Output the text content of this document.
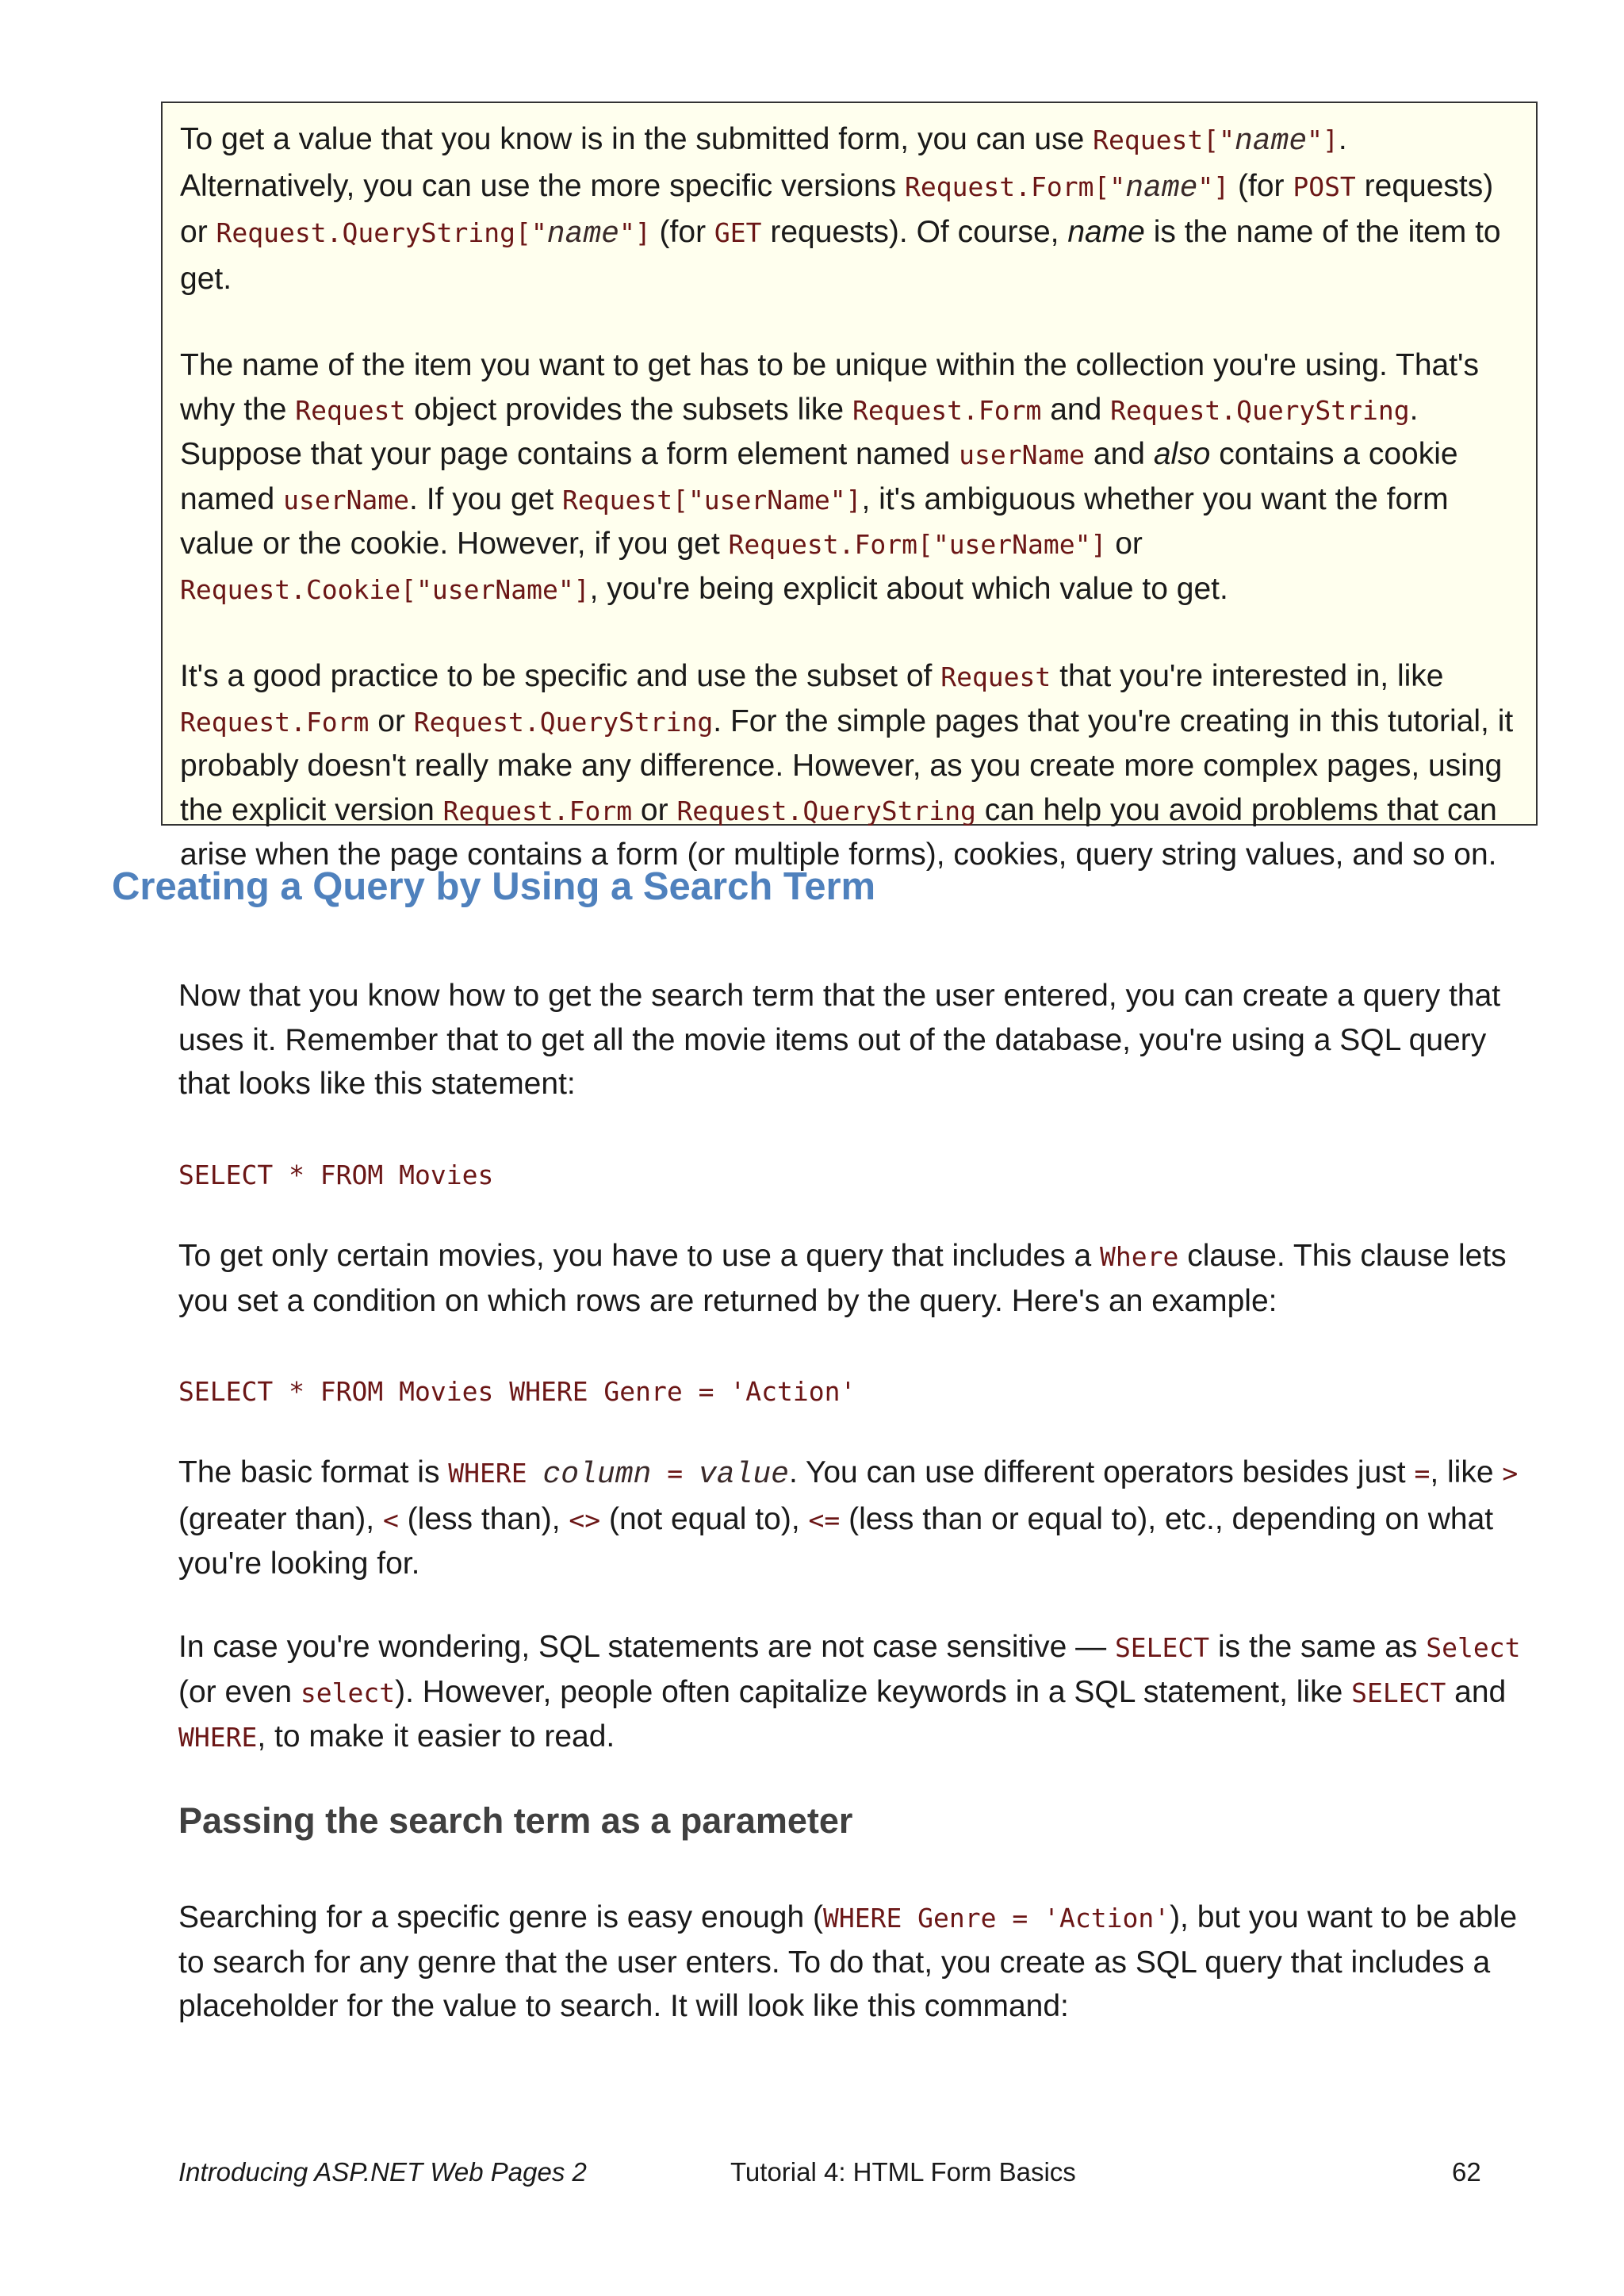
To get a value that you know is in the submitted form, you can use Request["name"]. Alternatively, you can use the more specific versions Request.Form["name"] (for POST requests) or Request.QueryString["name"] (for GET requests). Of course, name is the name of the item to get.

The name of the item you want to get has to be unique within the collection you're using. That's why the Request object provides the subsets like Request.Form and Request.QueryString. Suppose that your page contains a form element named userName and also contains a cookie named userName. If you get Request["userName"], it's ambiguous whether you want the form value or the cookie. However, if you get Request.Form["userName"] or Request.Cookie["userName"], you're being explicit about which value to get.

It's a good practice to be specific and use the subset of Request that you're interested in, like Request.Form or Request.QueryString. For the simple pages that you're creating in this tutorial, it probably doesn't really make any difference. However, as you create more complex pages, using the explicit version Request.Form or Request.QueryString can help you avoid problems that can arise when the page contains a form (or multiple forms), cookies, query string values, and so on.

Creating a Query by Using a Search Term

Now that you know how to get the search term that the user entered, you can create a query that uses it. Remember that to get all the movie items out of the database, you're using a SQL query that looks like this statement:

SELECT * FROM Movies

To get only certain movies, you have to use a query that includes a Where clause. This clause lets you set a condition on which rows are returned by the query. Here's an example:

SELECT * FROM Movies WHERE Genre = 'Action'

The basic format is WHERE column = value. You can use different operators besides just =, like > (greater than), < (less than), <> (not equal to), <= (less than or equal to), etc., depending on what you're looking for.

In case you're wondering, SQL statements are not case sensitive — SELECT is the same as Select (or even select). However, people often capitalize keywords in a SQL statement, like SELECT and WHERE, to make it easier to read.

Passing the search term as a parameter

Searching for a specific genre is easy enough (WHERE Genre = 'Action'), but you want to be able to search for any genre that the user enters. To do that, you create as SQL query that includes a placeholder for the value to search. It will look like this command:

Introducing ASP.NET Web Pages 2	Tutorial 4: HTML Form Basics	62
